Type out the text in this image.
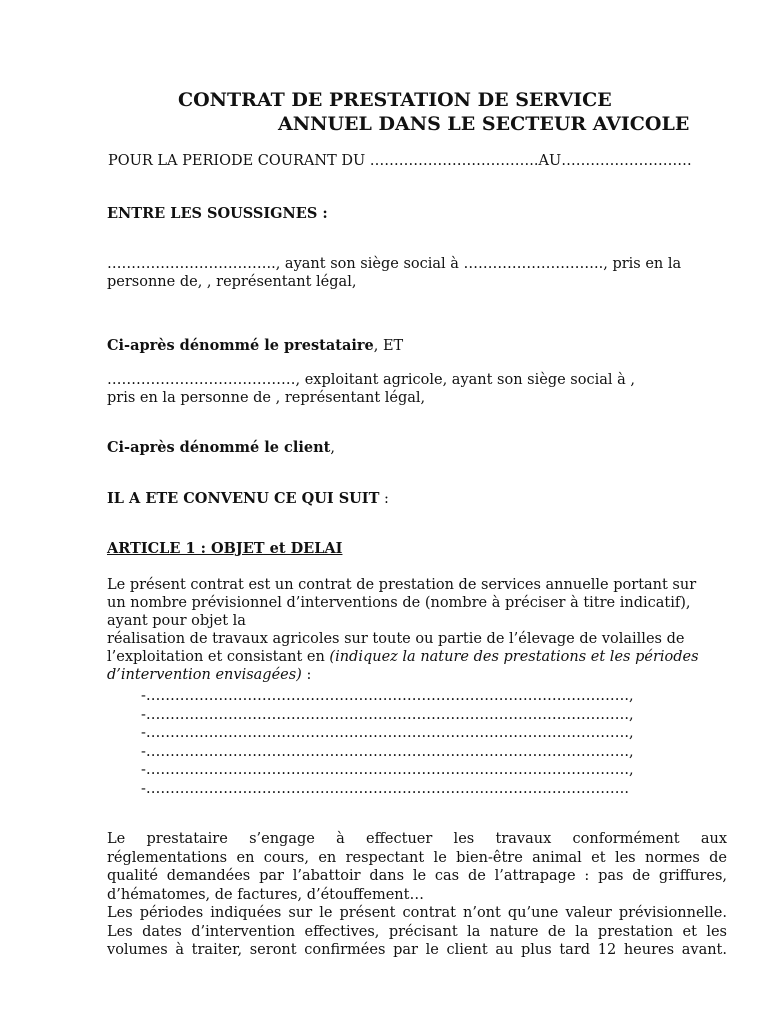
CONTRAT DE PRESTATION DE SERVICE
ANNUEL DANS LE SECTEUR AVICOLE
POUR LA PERIODE COURANT DU ……………………………..AU………………………
ENTRE LES SOUSSIGNES :
…………………………….., ayant son siège social à ……………………….., pris en la
personne de, , représentant légal,
Ci-après dénommé le prestataire, ET
…………………………………, exploitant agricole, ayant son siège social à ,
pris en la personne de , représentant légal,
Ci-après dénommé le client,
IL A ETE CONVENU CE QUI SUIT :
ARTICLE 1 : OBJET et DELAI
Le présent contrat est un contrat de prestation de services annuelle portant sur
un nombre prévisionnel d’interventions de (nombre à préciser à titre indicatif),
ayant pour objet la
réalisation de travaux agricoles sur toute ou partie de l’élevage de volailles de
l’exploitation et consistant en (indiquez la nature des prestations et les périodes
d’intervention envisagées) :
-……………………………………………………………………………………….,
-……………………………………………………………………………………….,
-……………………………………………………………………………………….,
-……………………………………………………………………………………….,
-……………………………………………………………………………………….,
-……………………………………………………………………………………….
Le prestataire s’engage à effectuer les travaux conformément aux
réglementations en cours, en respectant le bien-être animal et les normes de
qualité demandées par l’abattoir dans le cas de l’attrapage : pas de griffures,
d’hématomes, de factures, d’étouffement…
Les périodes indiquées sur le présent contrat n’ont qu’une valeur prévisionnelle.
Les dates d’intervention effectives, précisant la nature de la prestation et les
volumes à traiter, seront confirmées par le client au plus tard 12 heures avant.
